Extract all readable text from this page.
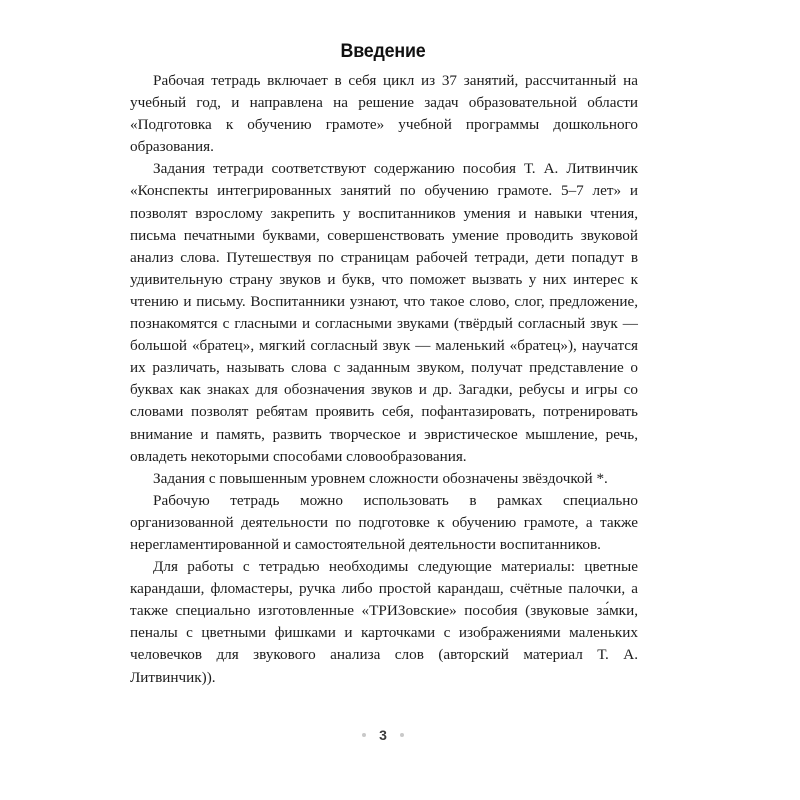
Введение

Рабочая тетрадь включает в себя цикл из 37 занятий, рассчитанный на учебный год, и направлена на решение задач образовательной области «Подготовка к обучению грамоте» учебной программы дошкольного образования.

Задания тетради соответствуют содержанию пособия Т. А. Литвинчик «Конспекты интегрированных занятий по обучению грамоте. 5–7 лет» и позволят взрослому закрепить у воспитанников умения и навыки чтения, письма печатными буквами, совершенствовать умение проводить звуковой анализ слова. Путешествуя по страницам рабочей тетради, дети попадут в удивительную страну звуков и букв, что поможет вызвать у них интерес к чтению и письму. Воспитанники узнают, что такое слово, слог, предложение, познакомятся с гласными и согласными звуками (твёрдый согласный звук — большой «братец», мягкий согласный звук — маленький «братец»), научатся их различать, называть слова с заданным звуком, получат представление о буквах как знаках для обозначения звуков и др. Загадки, ребусы и игры со словами позволят ребятам проявить себя, пофантазировать, потренировать внимание и память, развить творческое и эвристическое мышление, речь, овладеть некоторыми способами словообразования.

Задания с повышенным уровнем сложности обозначены звёздочкой *.

Рабочую тетрадь можно использовать в рамках специально организованной деятельности по подготовке к обучению грамоте, а также нерегламентированной и самостоятельной деятельности воспитанников.

Для работы с тетрадью необходимы следующие материалы: цветные карандаши, фломастеры, ручка либо простой карандаш, счётные палочки, а также специально изготовленные «ТРИЗовские» пособия (звуковые за́мки, пеналы с цветными фишками и карточками с изображениями маленьких человечков для звукового анализа слов (авторский материал Т. А. Литвинчик)).

3
